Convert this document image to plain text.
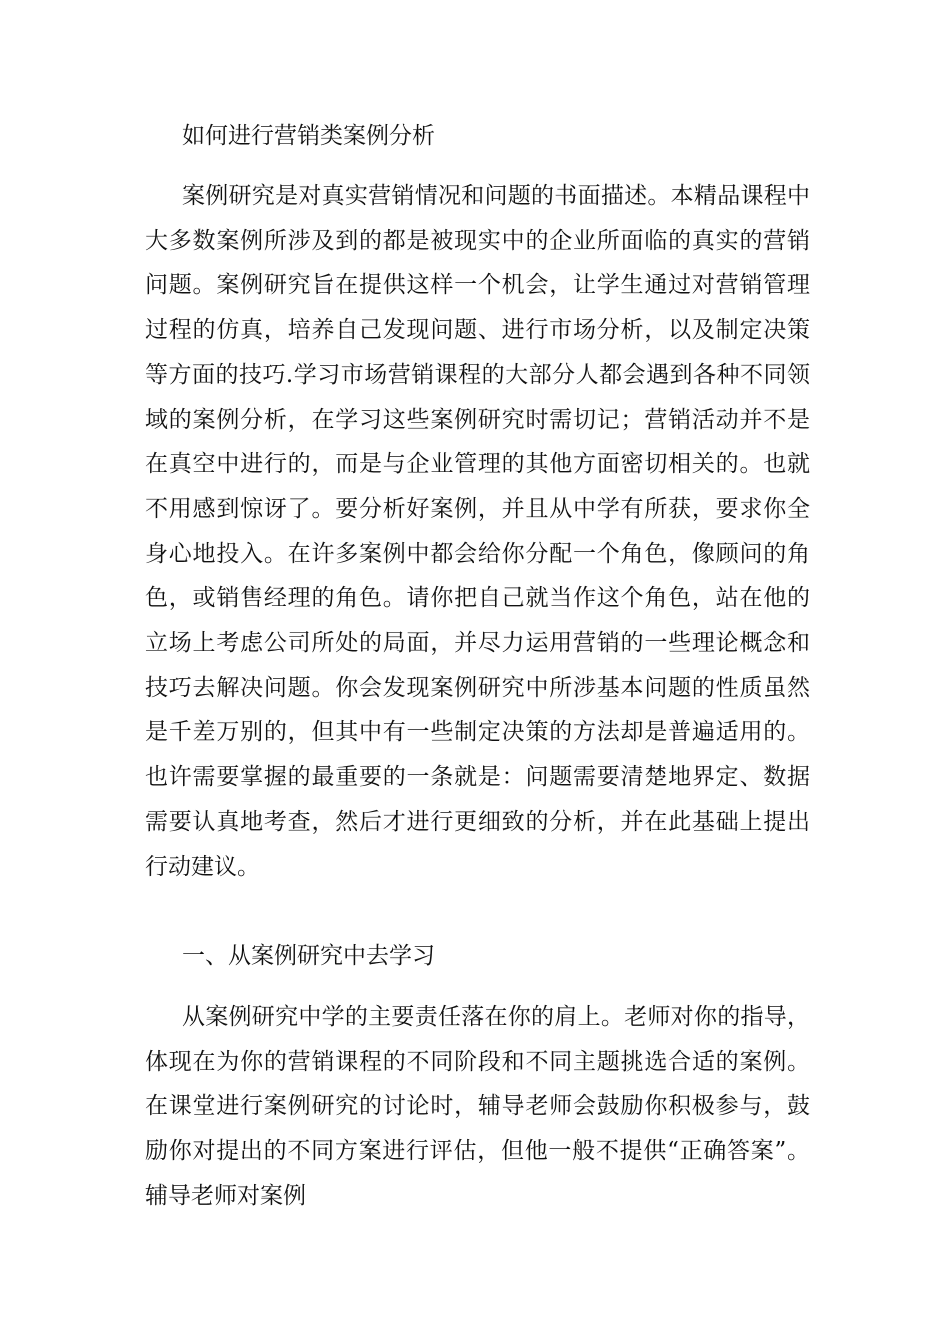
如何进行营销类案例分析

案例研究是对真实营销情况和问题的书面描述。本精品课程中大多数案例所涉及到的都是被现实中的企业所面临的真实的营销问题。案例研究旨在提供这样一个机会，让学生通过对营销管理过程的仿真，培养自己发现问题、进行市场分析，以及制定决策等方面的技巧.学习市场营销课程的大部分人都会遇到各种不同领域的案例分析，在学习这些案例研究时需切记；营销活动并不是在真空中进行的，而是与企业管理的其他方面密切相关的。也就不用感到惊讶了。要分析好案例，并且从中学有所获，要求你全身心地投入。在许多案例中都会给你分配一个角色，像顾问的角色，或销售经理的角色。请你把自己就当作这个角色，站在他的立场上考虑公司所处的局面，并尽力运用营销的一些理论概念和技巧去解决问题。你会发现案例研究中所涉基本问题的性质虽然是千差万别的，但其中有一些制定决策的方法却是普遍适用的。也许需要掌握的最重要的一条就是：问题需要清楚地界定、数据需要认真地考查，然后才进行更细致的分析，并在此基础上提出行动建议。

一、从案例研究中去学习

从案例研究中学的主要责任落在你的肩上。老师对你的指导，体现在为你的营销课程的不同阶段和不同主题挑选合适的案例。在课堂进行案例研究的讨论时，辅导老师会鼓励你积极参与，鼓励你对提出的不同方案进行评估，但他一般不提供“正确答案”。辅导老师对案例
